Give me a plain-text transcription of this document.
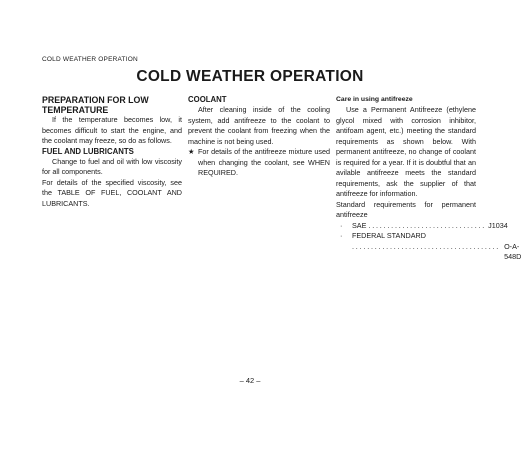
COLD WEATHER OPERATION
COLD WEATHER OPERATION
PREPARATION FOR LOW TEMPERATURE

If the temperature becomes low, it becomes difficult to start the engine, and the coolant may freeze, so do as follows.

FUEL AND LUBRICANTS

Change to fuel and oil with low viscosity for all components.

For details of the specified viscosity, see the TABLE OF FUEL, COOLANT AND LUBRICANTS.

COOLANT

After cleaning inside of the cooling system, add antifreeze to the coolant to prevent the coolant from freezing when the machine is not being used.

★ For details of the antifreeze mixture used when changing the coolant, see WHEN REQUIRED.
Care in using antifreeze

Use a Permanent Antifreeze (ethylene glycol mixed with corrosion inhibitor, antifoam agent, etc.) meeting the standard requirements as shown below. With permanent antifreeze, no change of coolant is required for a year. If it is doubtful that an avilable antifreeze meets the standard requirements, ask the supplier of that antifreeze for information.

Standard requirements for permanent antifreeze

·	SAE ............................... J1034
·	FEDERAL STANDARD
....................................... O-A-548D
– 42 –
